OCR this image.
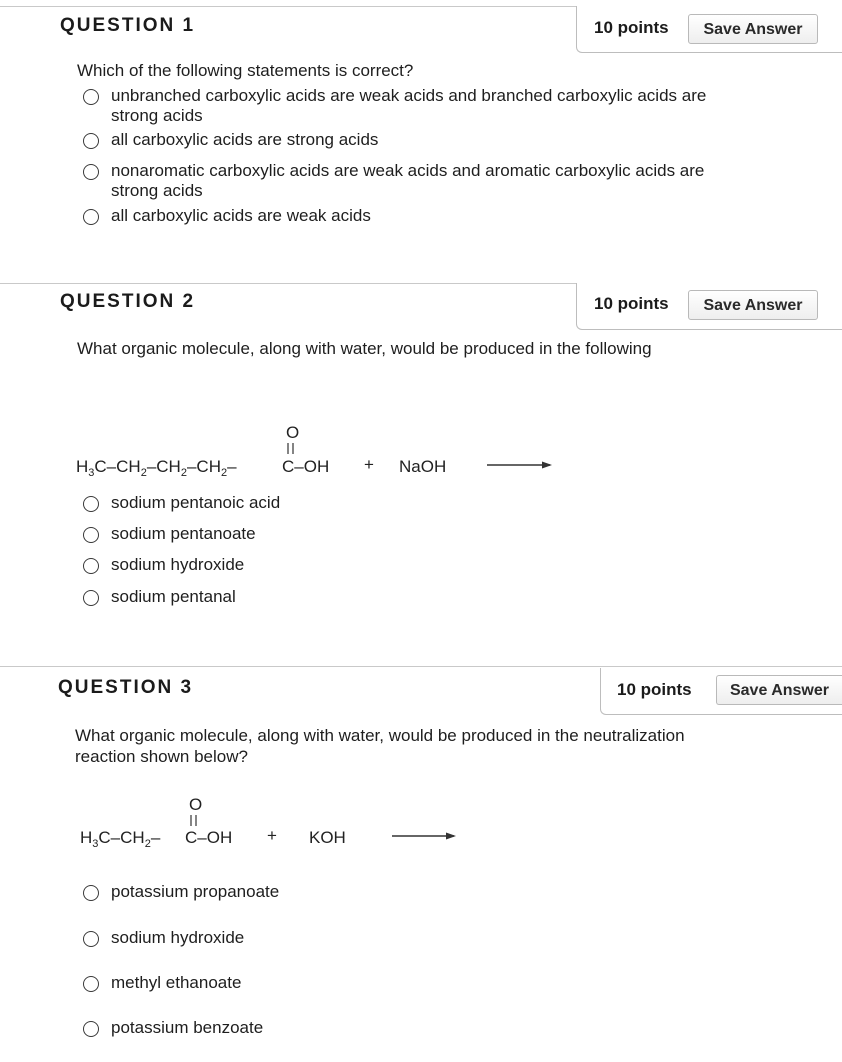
QUESTION 1	10 points	Save Answer
Which of the following statements is correct?
unbranched carboxylic acids are weak acids and branched carboxylic acids are
strong acids
all carboxylic acids are strong acids
nonaromatic carboxylic acids are weak acids and aromatic carboxylic acids are
strong acids
all carboxylic acids are weak acids
QUESTION 2	10 points	Save Answer
What organic molecule, along with water, would be produced in the following
O
$H_3C-CH_2-CH_2-CH_2-$	C–OH + NaOH
sodium pentanoic acid
sodium pentanoate
sodium hydroxide
sodium pentanal
QUESTION 3	10 points	Save Answer
What organic molecule, along with water, would be produced in the neutralization
reaction shown below?
O
$H_3C-CH_2-$ C–OH + KOH
potassium propanoate
sodium hydroxide
methyl ethanoate
potassium benzoate
